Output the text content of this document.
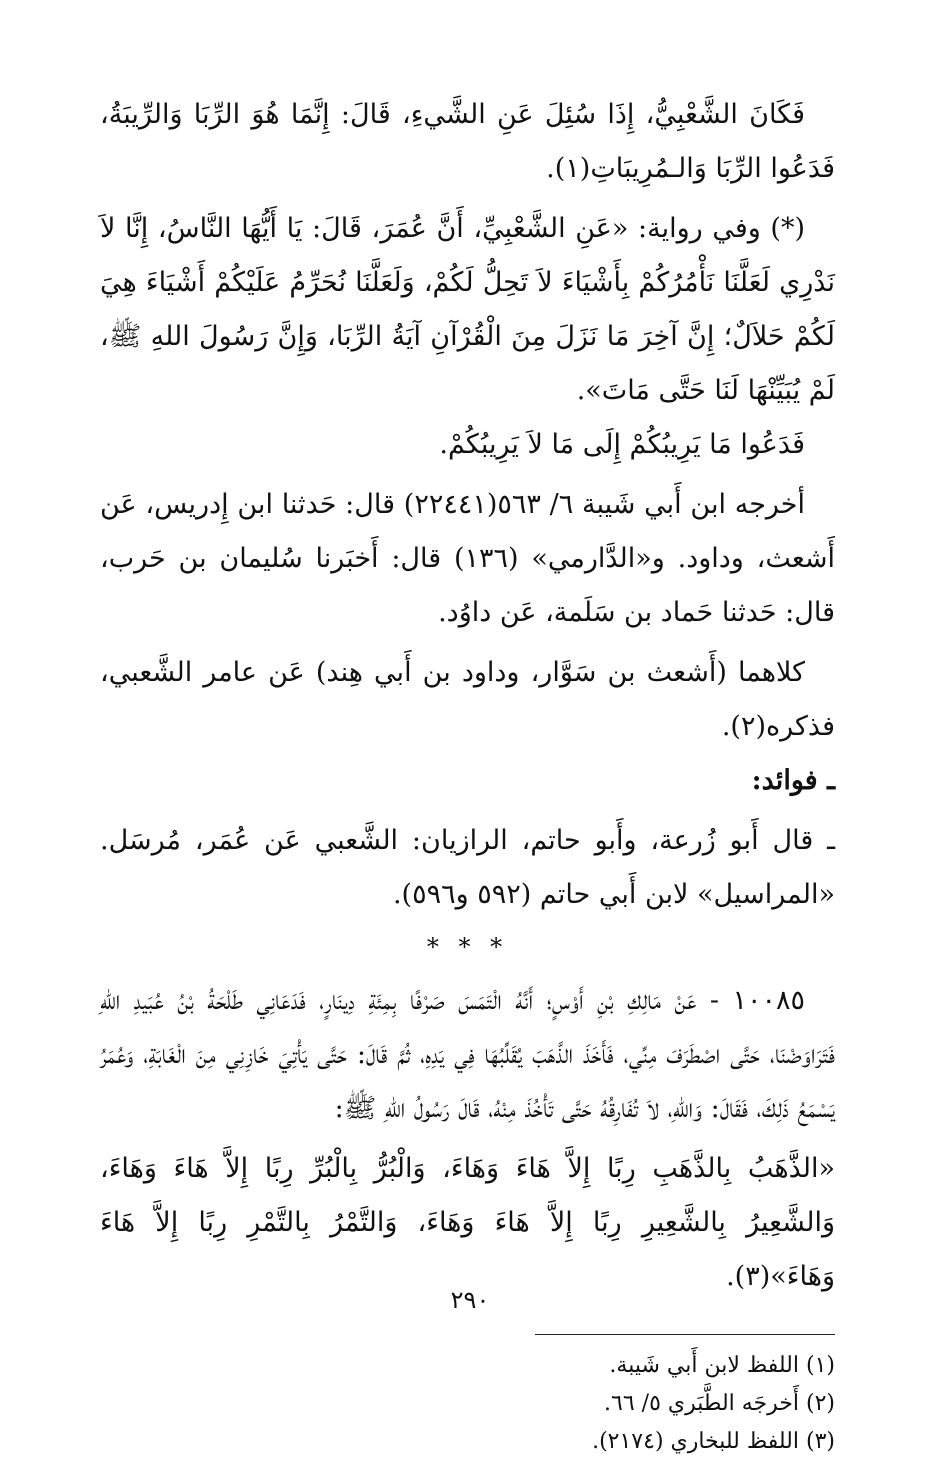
فَكَانَ الشَّعْبِيُّ، إِذَا سُئِلَ عَنِ الشَّيءِ، قَالَ: إِنَّمَا هُوَ الرِّبَا وَالرِّيبَةُ، فَدَعُوا الرِّبَا وَالـمُرِيبَاتِ(١).

(*) وفي رواية: «عَنِ الشَّعْبِيِّ، أَنَّ عُمَرَ، قَالَ: يَا أَيُّهَا النَّاسُ، إِنَّا لاَ نَدْرِي لَعَلَّنَا نَأْمُرُكُمْ بِأَشْيَاءَ لاَ تَحِلُّ لَكُمْ، وَلَعَلَّنَا نُحَرِّمُ عَلَيْكُمْ أَشْيَاءَ هِيَ لَكُمْ حَلاَلٌ؛ إِنَّ آخِرَ مَا نَزَلَ مِنَ الْقُرْآنِ آيَةُ الرِّبَا، وَإِنَّ رَسُولَ اللهِ ﷺ، لَمْ يُبَيِّنْهَا لَنَا حَتَّى مَاتَ».

فَدَعُوا مَا يَرِيبُكُمْ إِلَى مَا لاَ يَرِيبُكُمْ.

أخرجه ابن أَبي شَيبة ٦/ ٥٦٣(٢٢٤٤١) قال: حَدثنا ابن إِدريس، عَن أَشعث، وداود. و«الدَّارمي» (١٣٦) قال: أَخبَرنا سُليمان بن حَرب، قال: حَدثنا حَماد بن سَلَمة، عَن داوُد.

كلاهما (أَشعث بن سَوَّار، وداود بن أَبي هِند) عَن عامر الشَّعبي، فذكره(٢).

ـ فوائد:

ـ قال أَبو زُرعة، وأَبو حاتم، الرازيان: الشَّعبي عَن عُمَر، مُرسَل. «المراسيل» لابن أَبي حاتم (٥٩٢ و٥٩٦).

* * *

١٠٠٨٥ - عَنْ مَالِكِ بْنِ أَوْسٍ؛ أَنَّهُ الْتَمَسَ صَرْفًا بِمِئَةِ دِينَارٍ، فَدَعَانِي طَلْحَةُ بْنُ عُبَيدِ اللهِ فَتَرَاوَضْنَا، حَتَّى اصْطَرَفَ مِنِّي، فَأَخَذَ الذَّهَبَ يُقَلِّبُهَا فِي يَدِهِ، ثُمَّ قَالَ: حَتَّى يَأْتِيَ خَازِنِي مِنَ الْغَابَةِ، وَعُمَرُ يَسْمَعُ ذَلِكَ، فَقَالَ: وَاللهِ، لاَ تُفَارِقُهُ حَتَّى تَأْخُذَ مِنْهُ، قَالَ رَسُولُ اللهِ ﷺ:

«الذَّهَبُ بِالذَّهَبِ رِبًا إِلاَّ هَاءَ وَهَاءَ، وَالْبُرُّ بِالْبُرِّ رِبًا إِلاَّ هَاءَ وَهَاءَ، وَالشَّعِيرُ بِالشَّعِيرِ رِبًا إِلاَّ هَاءَ وَهَاءَ، وَالتَّمْرُ بِالتَّمْرِ رِبًا إِلاَّ هَاءَ وَهَاءَ»(٣).

(١) اللفظ لابن أَبي شَيبة.

(٢) أَخرجَه الطَّبَري ٥/ ٦٦.

(٣) اللفظ للبخاري (٢١٧٤).

٢٩٠
